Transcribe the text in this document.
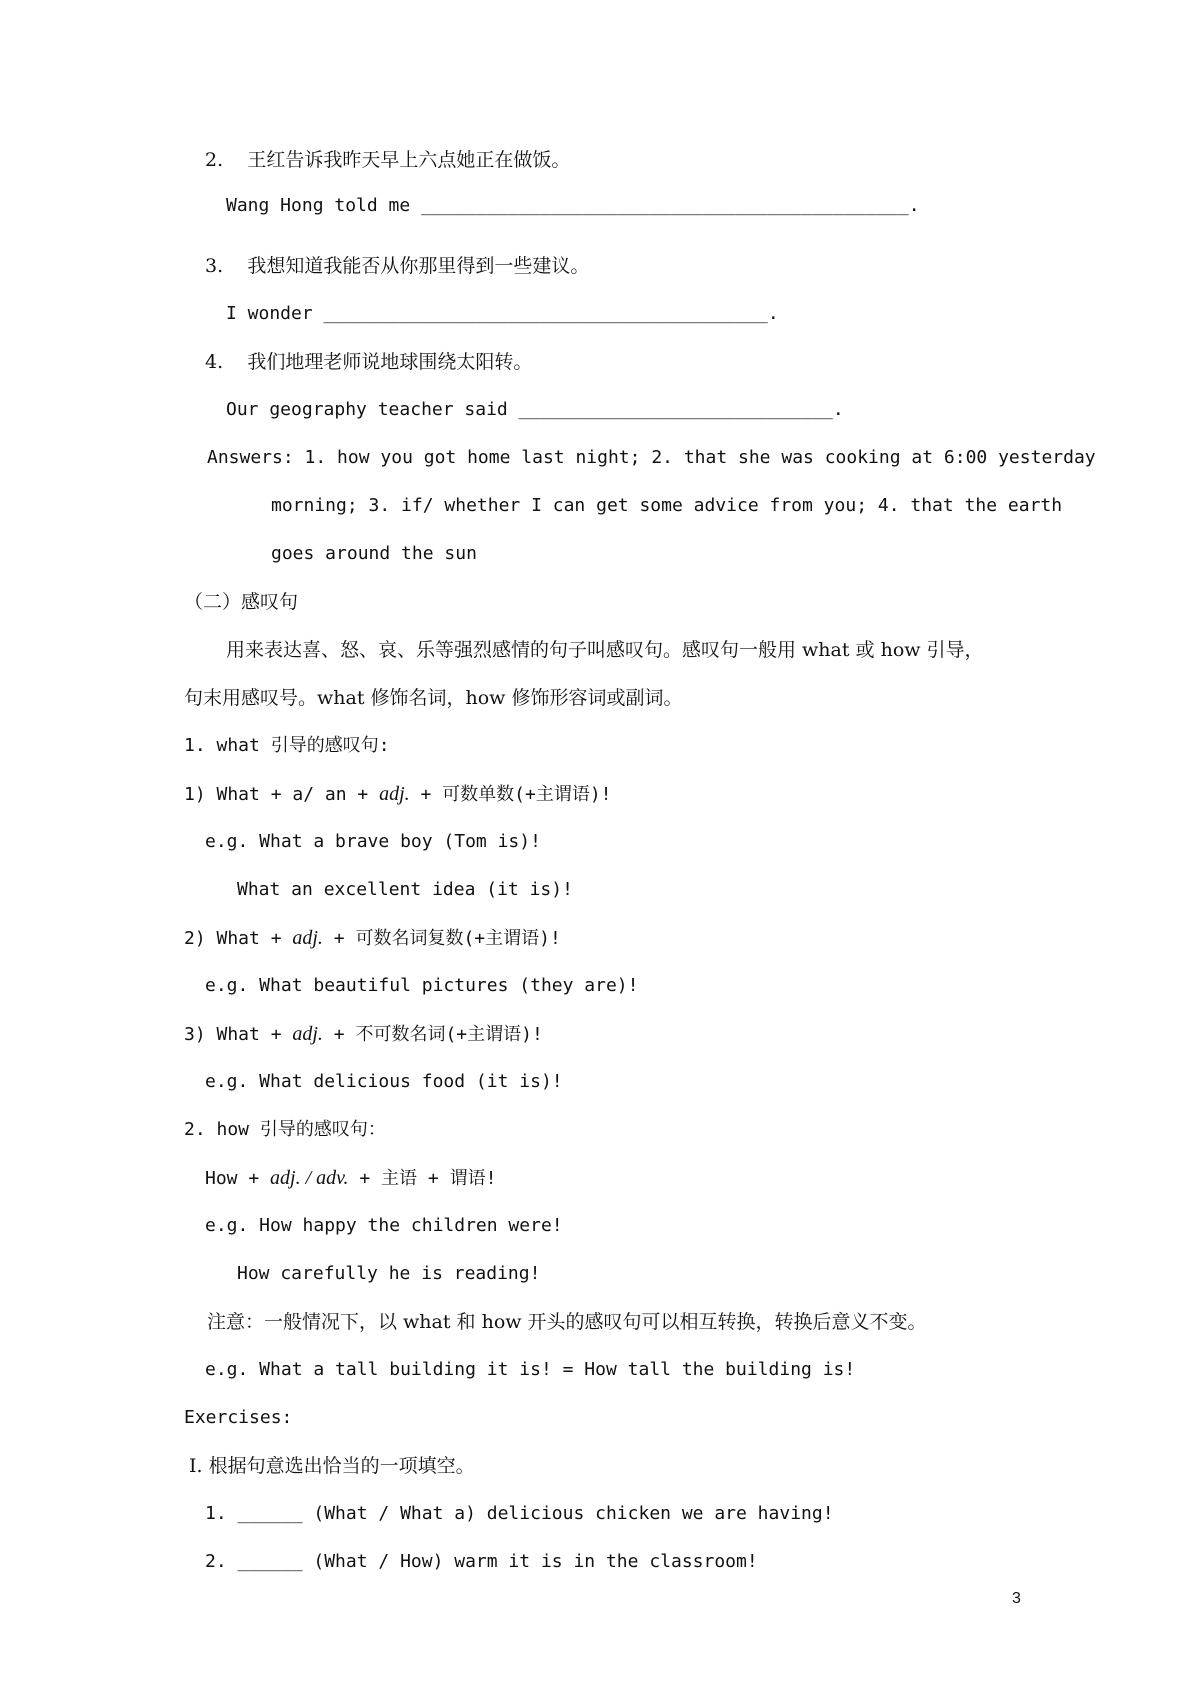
2. 王红告诉我昨天早上六点她正在做饭。
Wang Hong told me _____________________________________________.
3. 我想知道我能否从你那里得到一些建议。
I wonder _________________________________________.
4. 我们地理老师说地球围绕太阳转。
Our geography teacher said _____________________________.
Answers: 1. how you got home last night; 2. that she was cooking at 6:00 yesterday
morning; 3. if/ whether I can get some advice from you; 4. that the earth
goes around the sun
（二）感叹句
用来表达喜、怒、哀、乐等强烈感情的句子叫感叹句。感叹句一般用 what 或 how 引导，
句末用感叹号。what 修饰名词，how 修饰形容词或副词。
1. what 引导的感叹句:
1) What + a/ an + adj. + 可数单数(+主谓语)!
e.g. What a brave boy (Tom is)!
What an excellent idea (it is)!
2) What + adj. + 可数名词复数(+主谓语)!
e.g. What beautiful pictures (they are)!
3) What + adj. + 不可数名词(+主谓语)!
e.g. What delicious food (it is)!
2. how 引导的感叹句：
How + adj. / adv. + 主语 + 谓语!
e.g. How happy the children were!
How carefully he is reading!
注意：一般情况下，以 what 和 how 开头的感叹句可以相互转换，转换后意义不变。
e.g. What a tall building it is! = How tall the building is!
Exercises:
Ⅰ. 根据句意选出恰当的一项填空。
1. ______ (What / What a) delicious chicken we are having!
2. ______ (What / How) warm it is in the classroom!
3
